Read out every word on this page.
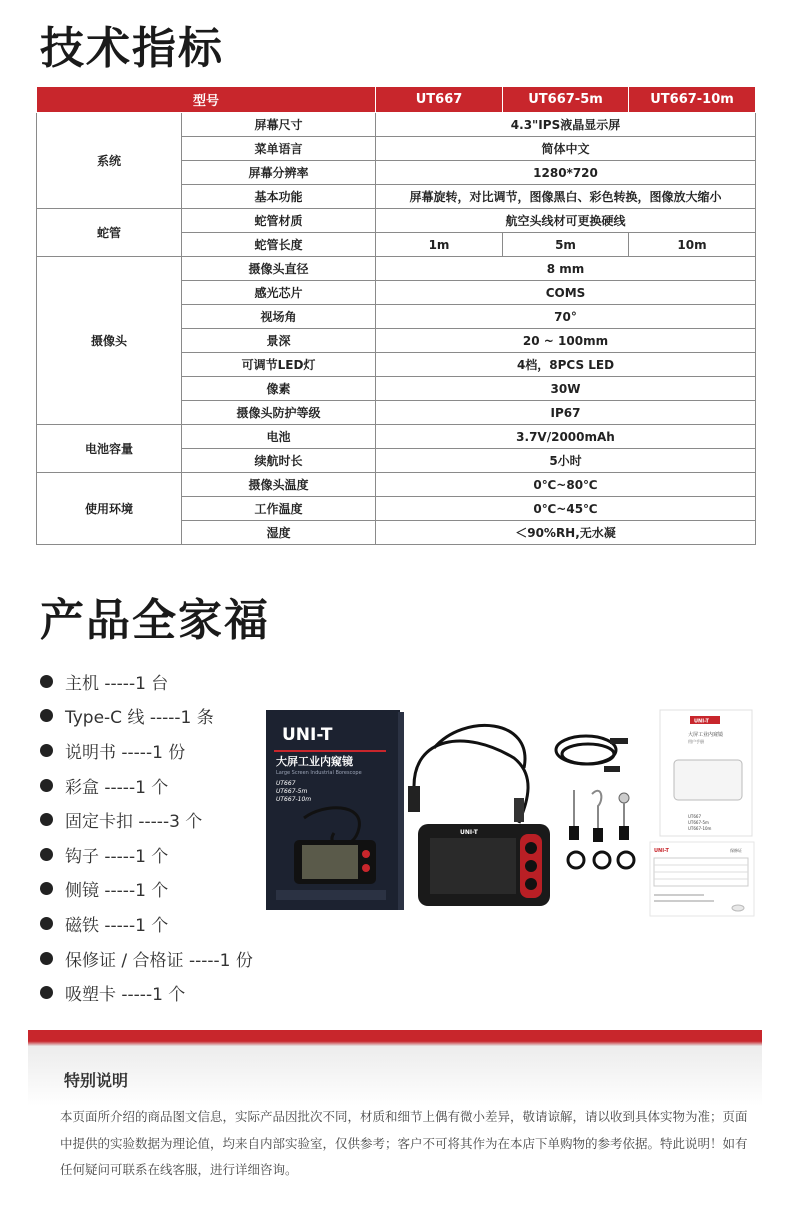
技术指标
型号		UT667	UT667-5m	UT667-10m
系统	屏幕尺寸	4.3"IPS液晶显示屏		
	菜单语言	简体中文		
	屏幕分辨率	1280*720		
	基本功能	屏幕旋转，对比调节，图像黑白、彩色转换，图像放大缩小		
蛇管	蛇管材质	航空头线材可更换硬线		
	蛇管长度	1m	5m	10m
摄像头	摄像头直径	8 mm		
	感光芯片	COMS		
	视场角	70°		
	景深	20 ~ 100mm		
	可调节LED灯	4档，8PCS LED		
	像素	30W		
	摄像头防护等级	IP67		
电池容量	电池	3.7V/2000mAh		
	续航时长	5小时		
使用环境	摄像头温度	0℃~80℃		
	工作温度	0℃~45℃		
	湿度	＜90%RH,无水凝		
产品全家福
主机 -----1 台
Type-C 线 -----1 条
说明书 -----1 份
彩盒 -----1 个
固定卡扣 -----3 个
钩子 -----1 个
侧镜 -----1 个
磁铁 -----1 个
保修证 / 合格证 -----1 份
吸塑卡 -----1 个
UNI-T
大屏工业内窥镜
Large Screen Industrial Borescope
UT667
UT667-5m
UT667-10m
UNI-T
UNI-T
大屏工业内窥镜
用户手册
UT667
UT667-5m
UT667-10m
UNI-T	保修证
特别说明
本页面所介绍的商品图文信息，实际产品因批次不同，材质和细节上偶有微小差异，敬请谅解，请以收到具体实物为准；页面中提供的实验数据为理论值，均来自内部实验室，仅供参考；客户不可将其作为在本店下单购物的参考依据。特此说明！如有任何疑问可联系在线客服，进行详细咨询。
